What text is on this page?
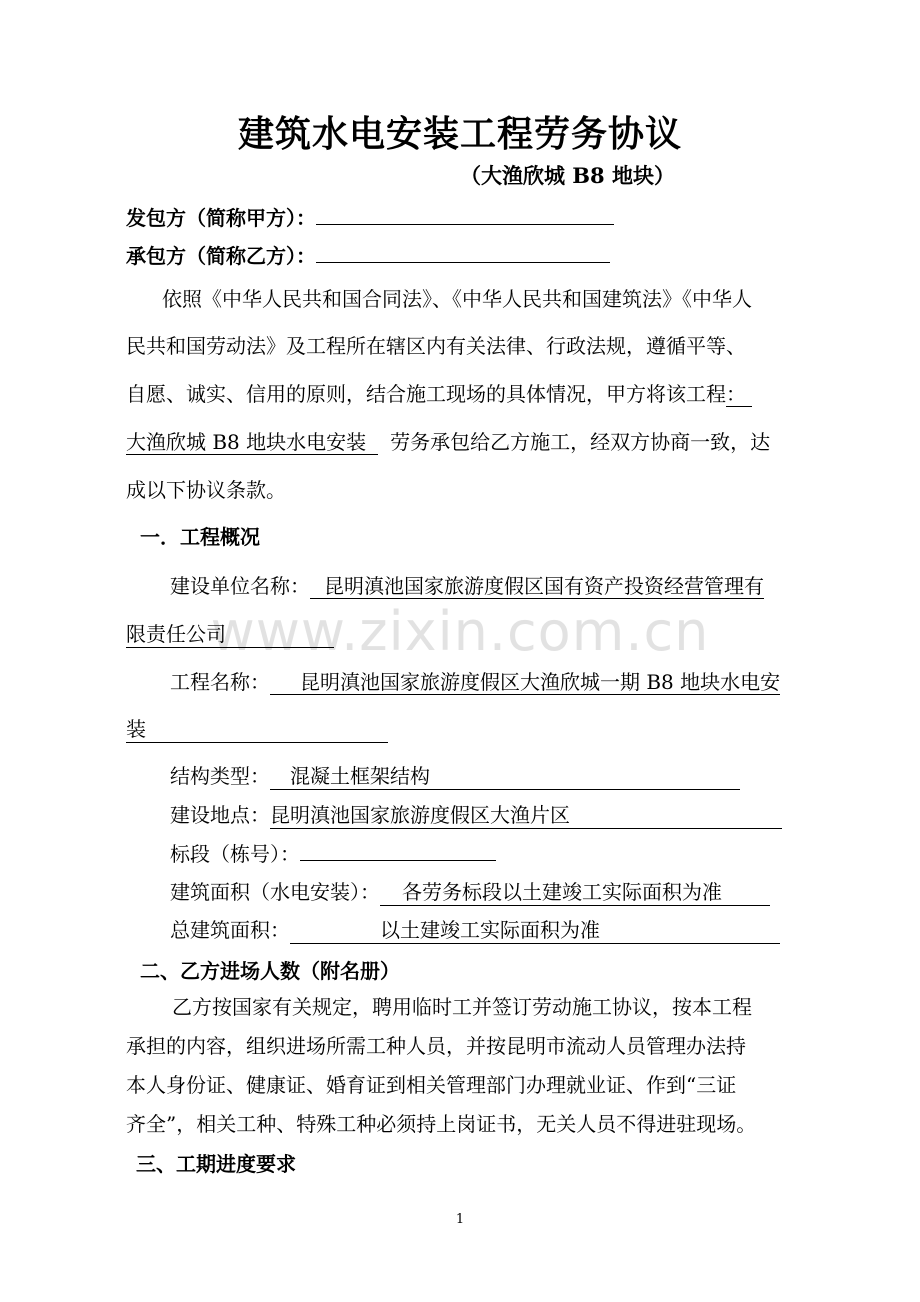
www.zixin.com.cn
建筑水电安装工程劳务协议
（大渔欣城 B8 地块）
发包方（简称甲方）：
承包方（简称乙方）：
依照《中华人民共和国合同法》、《中华人民共和国建筑法》《中华人
民共和国劳动法》及工程所在辖区内有关法律、行政法规，遵循平等、
自愿、诚实、信用的原则，结合施工现场的具体情况，甲方将该工程：
大渔欣城 B8 地块水电安装 劳务承包给乙方施工，经双方协商一致，达
成以下协议条款。
一．工程概况
建设单位名称： 昆明滇池国家旅游度假区国有资产投资经营管理有
限责任公司
工程名称： 昆明滇池国家旅游度假区大渔欣城一期 B8 地块水电安
装
结构类型： 混凝土框架结构
建设地点：昆明滇池国家旅游度假区大渔片区
标段（栋号）：
建筑面积（水电安装）： 各劳务标段以土建竣工实际面积为准
总建筑面积：	以土建竣工实际面积为准
二、乙方进场人数（附名册）
乙方按国家有关规定，聘用临时工并签订劳动施工协议，按本工程
承担的内容，组织进场所需工种人员，并按昆明市流动人员管理办法持
本人身份证、健康证、婚育证到相关管理部门办理就业证、作到“三证
齐全”，相关工种、特殊工种必须持上岗证书，无关人员不得进驻现场。
三、工期进度要求
1
